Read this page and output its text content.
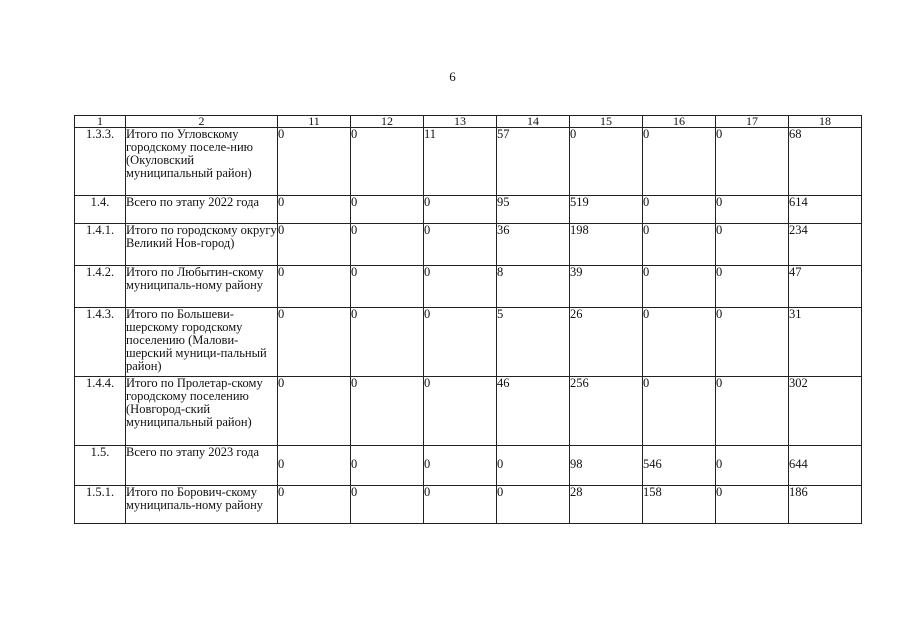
6
1	2	11	12	13	14	15	16	17	18
1.3.3.	Итого по Угловскому городскому поселе-нию (Окуловский муниципальный район)	0	0	11	57	0	0	0	68
1.4.	Всего по этапу 2022 года	0	0	0	95	519	0	0	614
1.4.1.	Итого по городскому округу Великий Нов-город)	0	0	0	36	198	0	0	234
1.4.2.	Итого по Любытин-скому муниципаль-ному району	0	0	0	8	39	0	0	47
1.4.3.	Итого по Большеви-шерскому городскому поселению (Малови-шерский муници-пальный район)	0	0	0	5	26	0	0	31
1.4.4.	Итого по Пролетар-скому городскому поселению (Новгород-ский муниципальный район)	0	0	0	46	256	0	0	302
1.5.	Всего по этапу 2023 года	0	0	0	0	98	546	0	644
1.5.1.	Итого по Борович-скому муниципаль-ному району	0	0	0	0	28	158	0	186
